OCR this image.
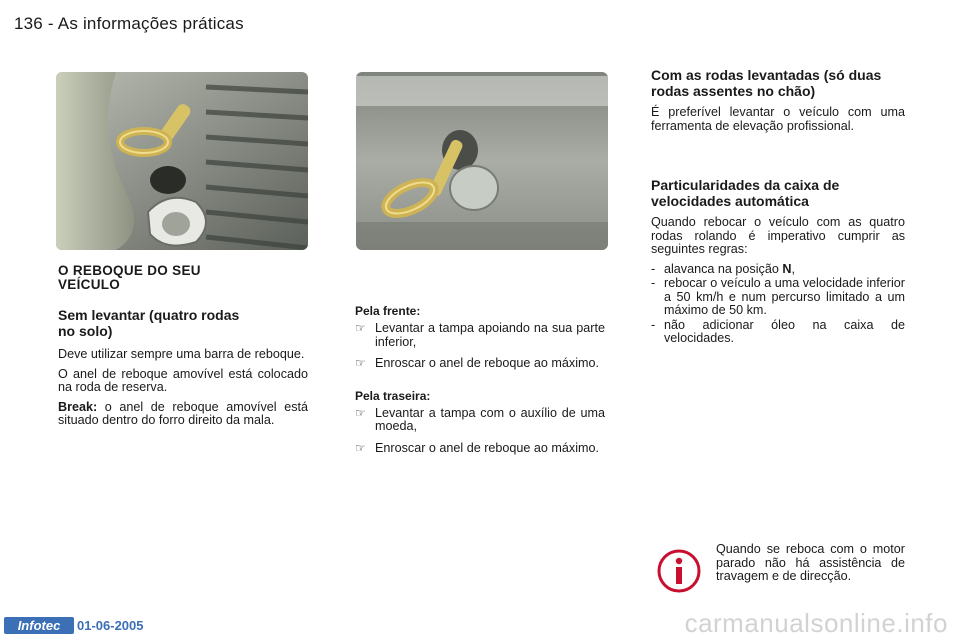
136 - As informações práticas
O REBOQUE DO SEU VEÍCULO
Sem levantar (quatro rodas no solo)

Deve utilizar sempre uma barra de reboque.

O anel de reboque amovível está colocado na roda de reserva.

Break: o anel de reboque amovível está situado dentro do forro direito da mala.

Pela frente:
☞ Levantar a tampa apoiando na sua parte inferior,
☞ Enroscar o anel de reboque ao máximo.
Pela traseira:
☞ Levantar a tampa com o auxílio de uma moeda,
☞ Enroscar o anel de reboque ao máximo.
Com as rodas levantadas (só duas rodas assentes no chão)

É preferível levantar o veículo com uma ferramenta de elevação profissional.

Particularidades da caixa de velocidades automática

Quando rebocar o veículo com as quatro rodas rolando é imperativo cumprir as seguintes regras:

- alavanca na posição N,
- rebocar o veículo a uma velocidade inferior a 50 km/h e num percurso limitado a um máximo de 50 km.
- não adicionar óleo na caixa de velocidades.

Quando se reboca com o motor parado não há assistência de travagem e de direcção.

Infotec	01-06-2005	carmanualsonline.info
